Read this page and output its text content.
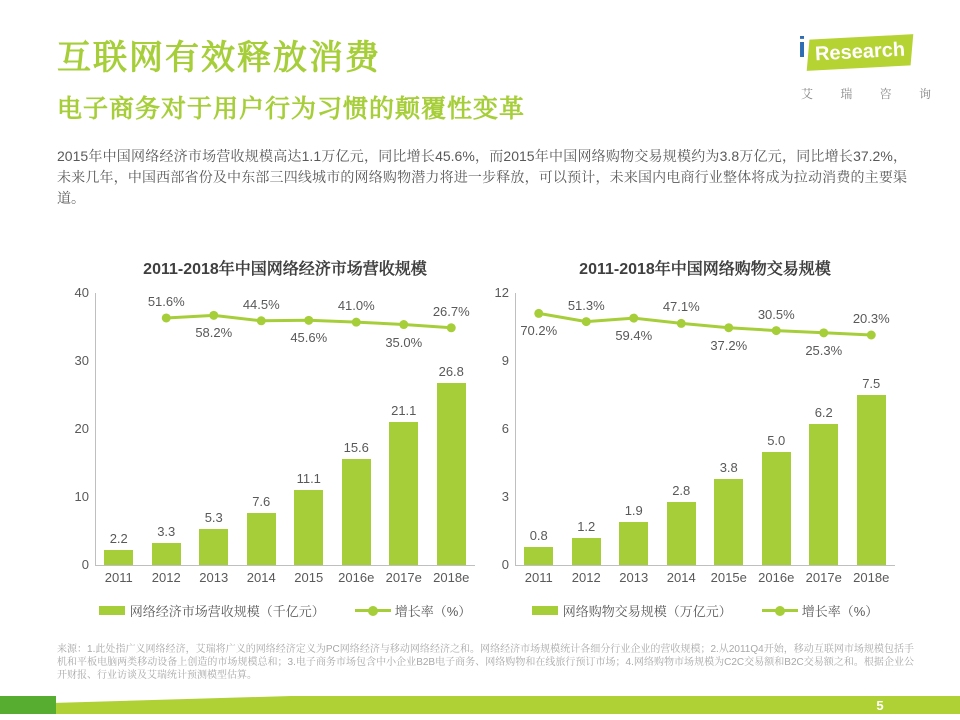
i Research
艾 瑞 咨 询
互联网有效释放消费
电子商务对于用户行为习惯的颠覆性变革

2015年中国网络经济市场营收规模高达1.1万亿元，同比增长45.6%，而2015年中国网络购物交易规模约为3.8万亿元，同比增长37.2%，未来几年，中国西部省份及中东部三四线城市的网络购物潜力将进一步释放，可以预计，未来国内电商行业整体将成为拉动消费的主要渠道。

2011-2018年中国网络经济市场营收规模
0
10
20
30
40
2.2
2011
3.3
2012
5.3
2013
7.6
2014
11.1
2015
15.6
2016e
21.1
2017e
26.8
2018e
51.6%
58.2%
44.5%
45.6%
41.0%
35.0%
26.7%
网络经济市场营收规模（千亿元）	增长率（%）
2011-2018年中国网络购物交易规模
0
3
6
9
12
0.8
2011
1.2
2012
1.9
2013
2.8
2014
3.8
2015e
5.0
2016e
6.2
2017e
7.5
2018e
70.2%
51.3%
59.4%
47.1%
37.2%
30.5%
25.3%
20.3%
网络购物交易规模（万亿元）	增长率（%）
来源：1.此处指广义网络经济，艾瑞将广义的网络经济定义为PC网络经济与移动网络经济之和。网络经济市场规模统计各细分行业企业的营收规模；2.从2011Q4开始，移动互联网市场规模包括手机和平板电脑两类移动设备上创造的市场规模总和；3.电子商务市场包含中小企业B2B电子商务、网络购物和在线旅行预订市场；4.网络购物市场规模为C2C交易额和B2C交易额之和。根据企业公开财报、行业访谈及艾瑞统计预测模型估算。
5
